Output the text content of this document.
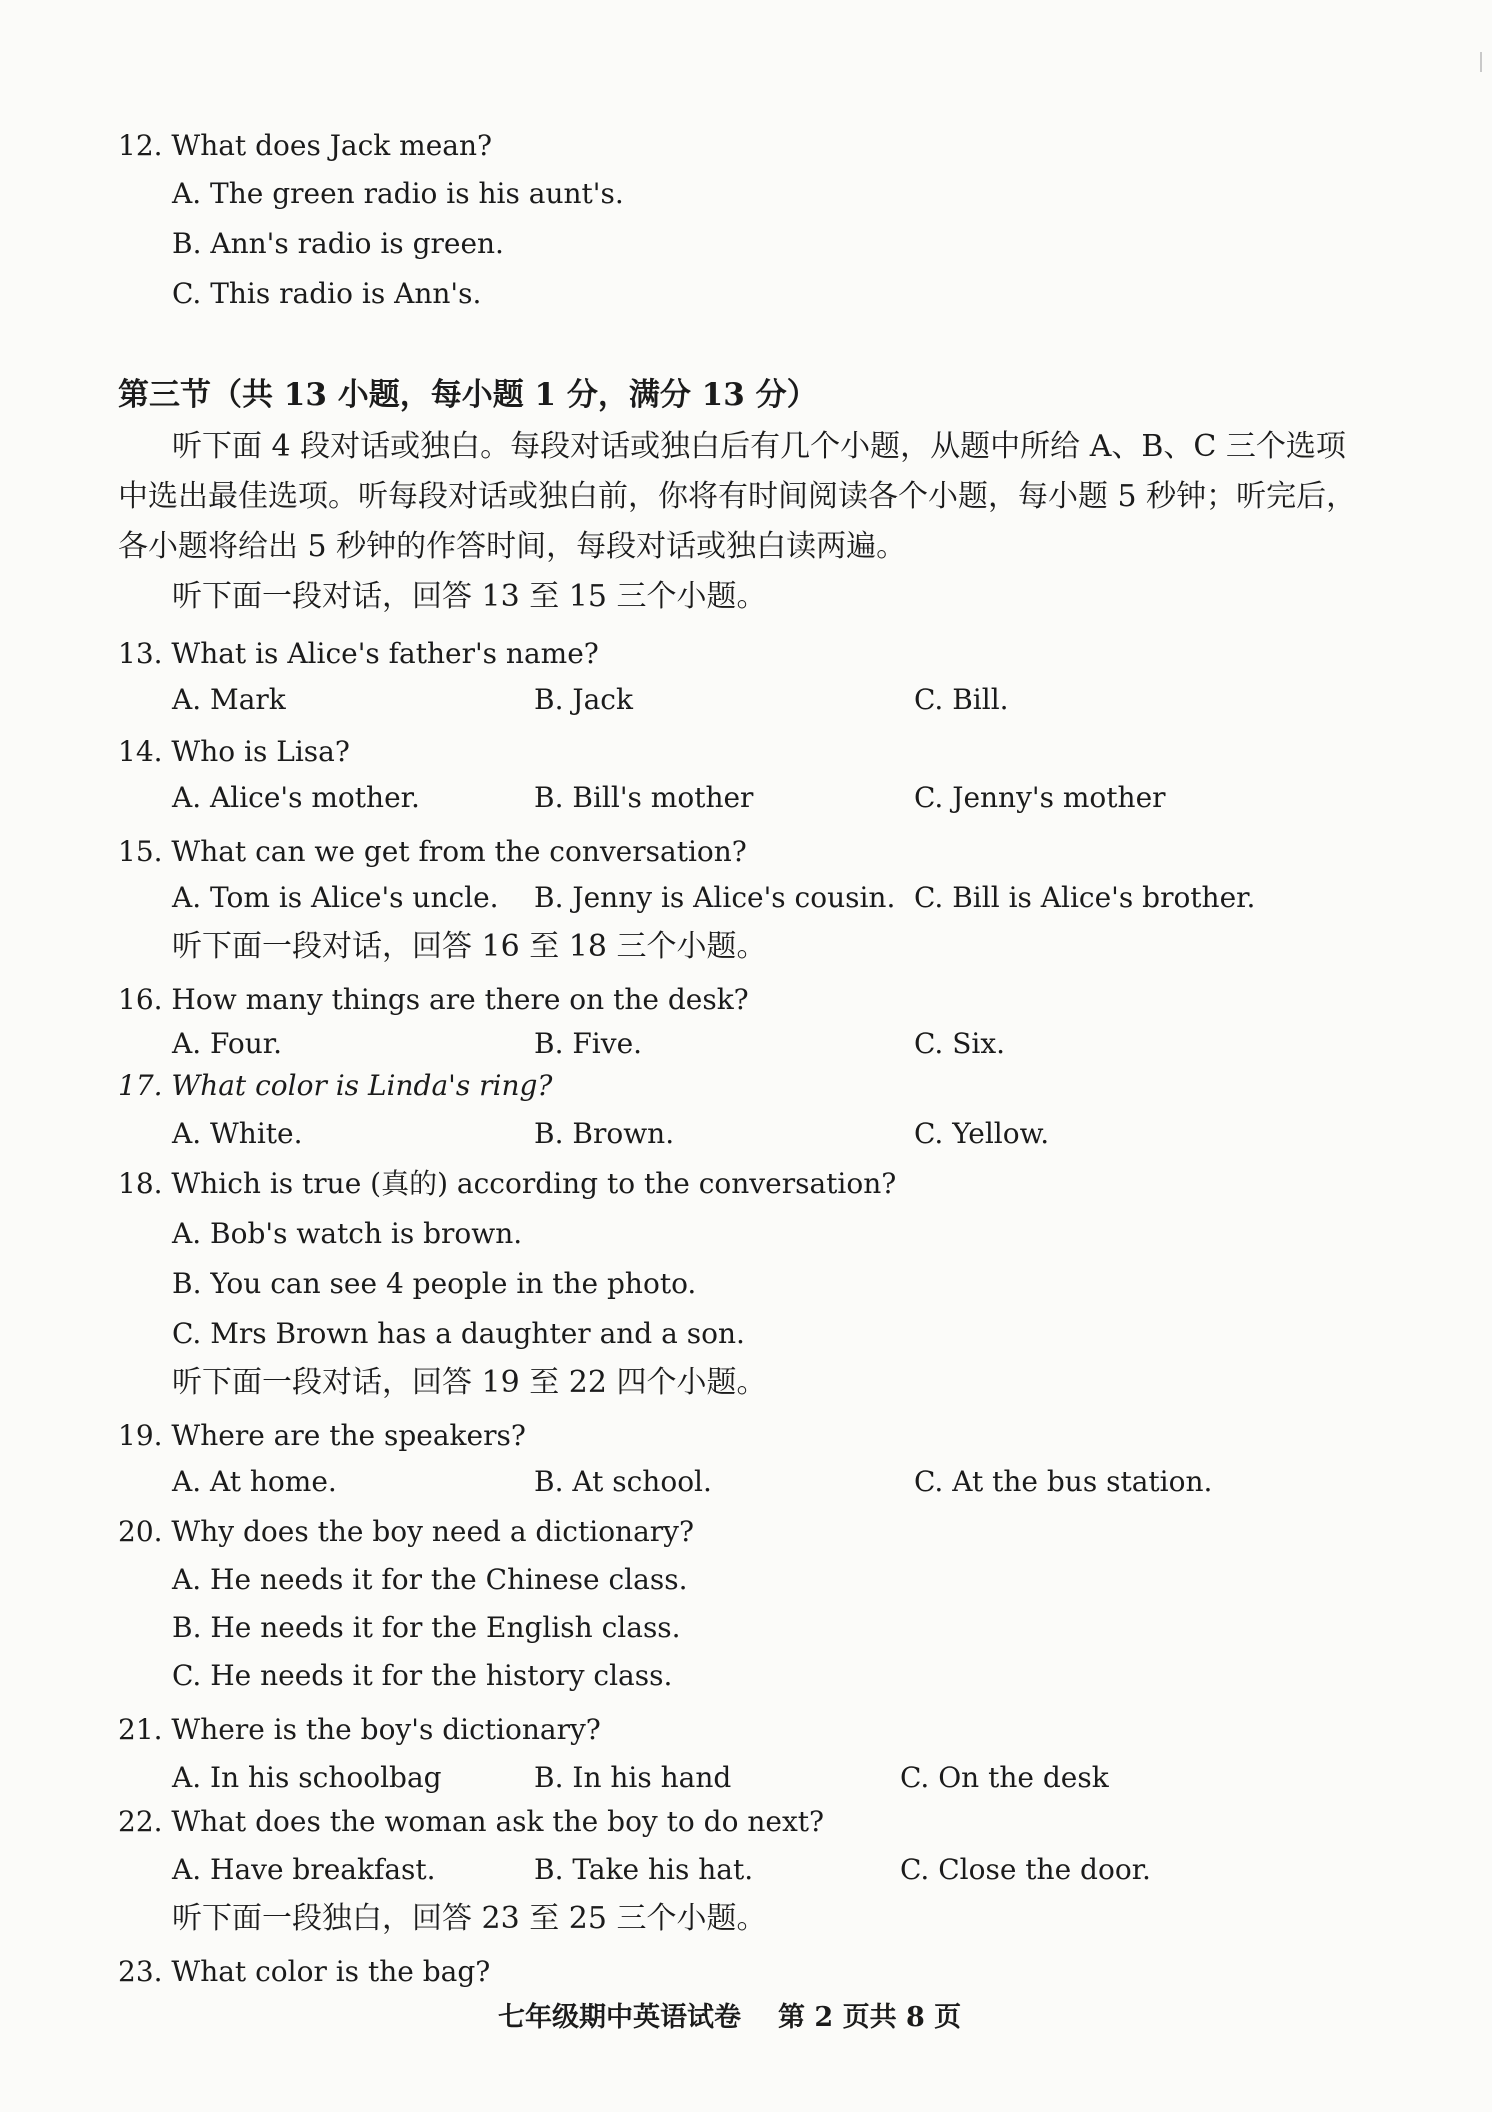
12. What does Jack mean?
A. The green radio is his aunt's.
B. Ann's radio is green.
C. This radio is Ann's.
第三节（共 13 小题，每小题 1 分，满分 13 分）
听下面 4 段对话或独白。每段对话或独白后有几个小题，从题中所给 A、B、C 三个选项
中选出最佳选项。听每段对话或独白前，你将有时间阅读各个小题，每小题 5 秒钟；听完后，
各小题将给出 5 秒钟的作答时间，每段对话或独白读两遍。
听下面一段对话，回答 13 至 15 三个小题。
13. What is Alice's father's name?
A. Mark	B. Jack	C. Bill.
14. Who is Lisa?
A. Alice's mother.	B. Bill's mother	C. Jenny's mother
15. What can we get from the conversation?
A. Tom is Alice's uncle. B. Jenny is Alice's cousin. C. Bill is Alice's brother.
听下面一段对话，回答 16 至 18 三个小题。
16. How many things are there on the desk?
A. Four.	B. Five.	C. Six.
17. What color is Linda's ring?
A. White.	B. Brown.	C. Yellow.
18. Which is true (真的) according to the conversation?
A. Bob's watch is brown.
B. You can see 4 people in the photo.
C. Mrs Brown has a daughter and a son.
听下面一段对话，回答 19 至 22 四个小题。
19. Where are the speakers?
A. At home.	B. At school.	C. At the bus station.
20. Why does the boy need a dictionary?
A. He needs it for the Chinese class.
B. He needs it for the English class.
C. He needs it for the history class.
21. Where is the boy's dictionary?
A. In his schoolbag	B. In his hand	C. On the desk
22. What does the woman ask the boy to do next?
A. Have breakfast.	B. Take his hat.	C. Close the door.
听下面一段独白，回答 23 至 25 三个小题。
23. What color is the bag?
七年级期中英语试卷 第 2 页共 8 页
